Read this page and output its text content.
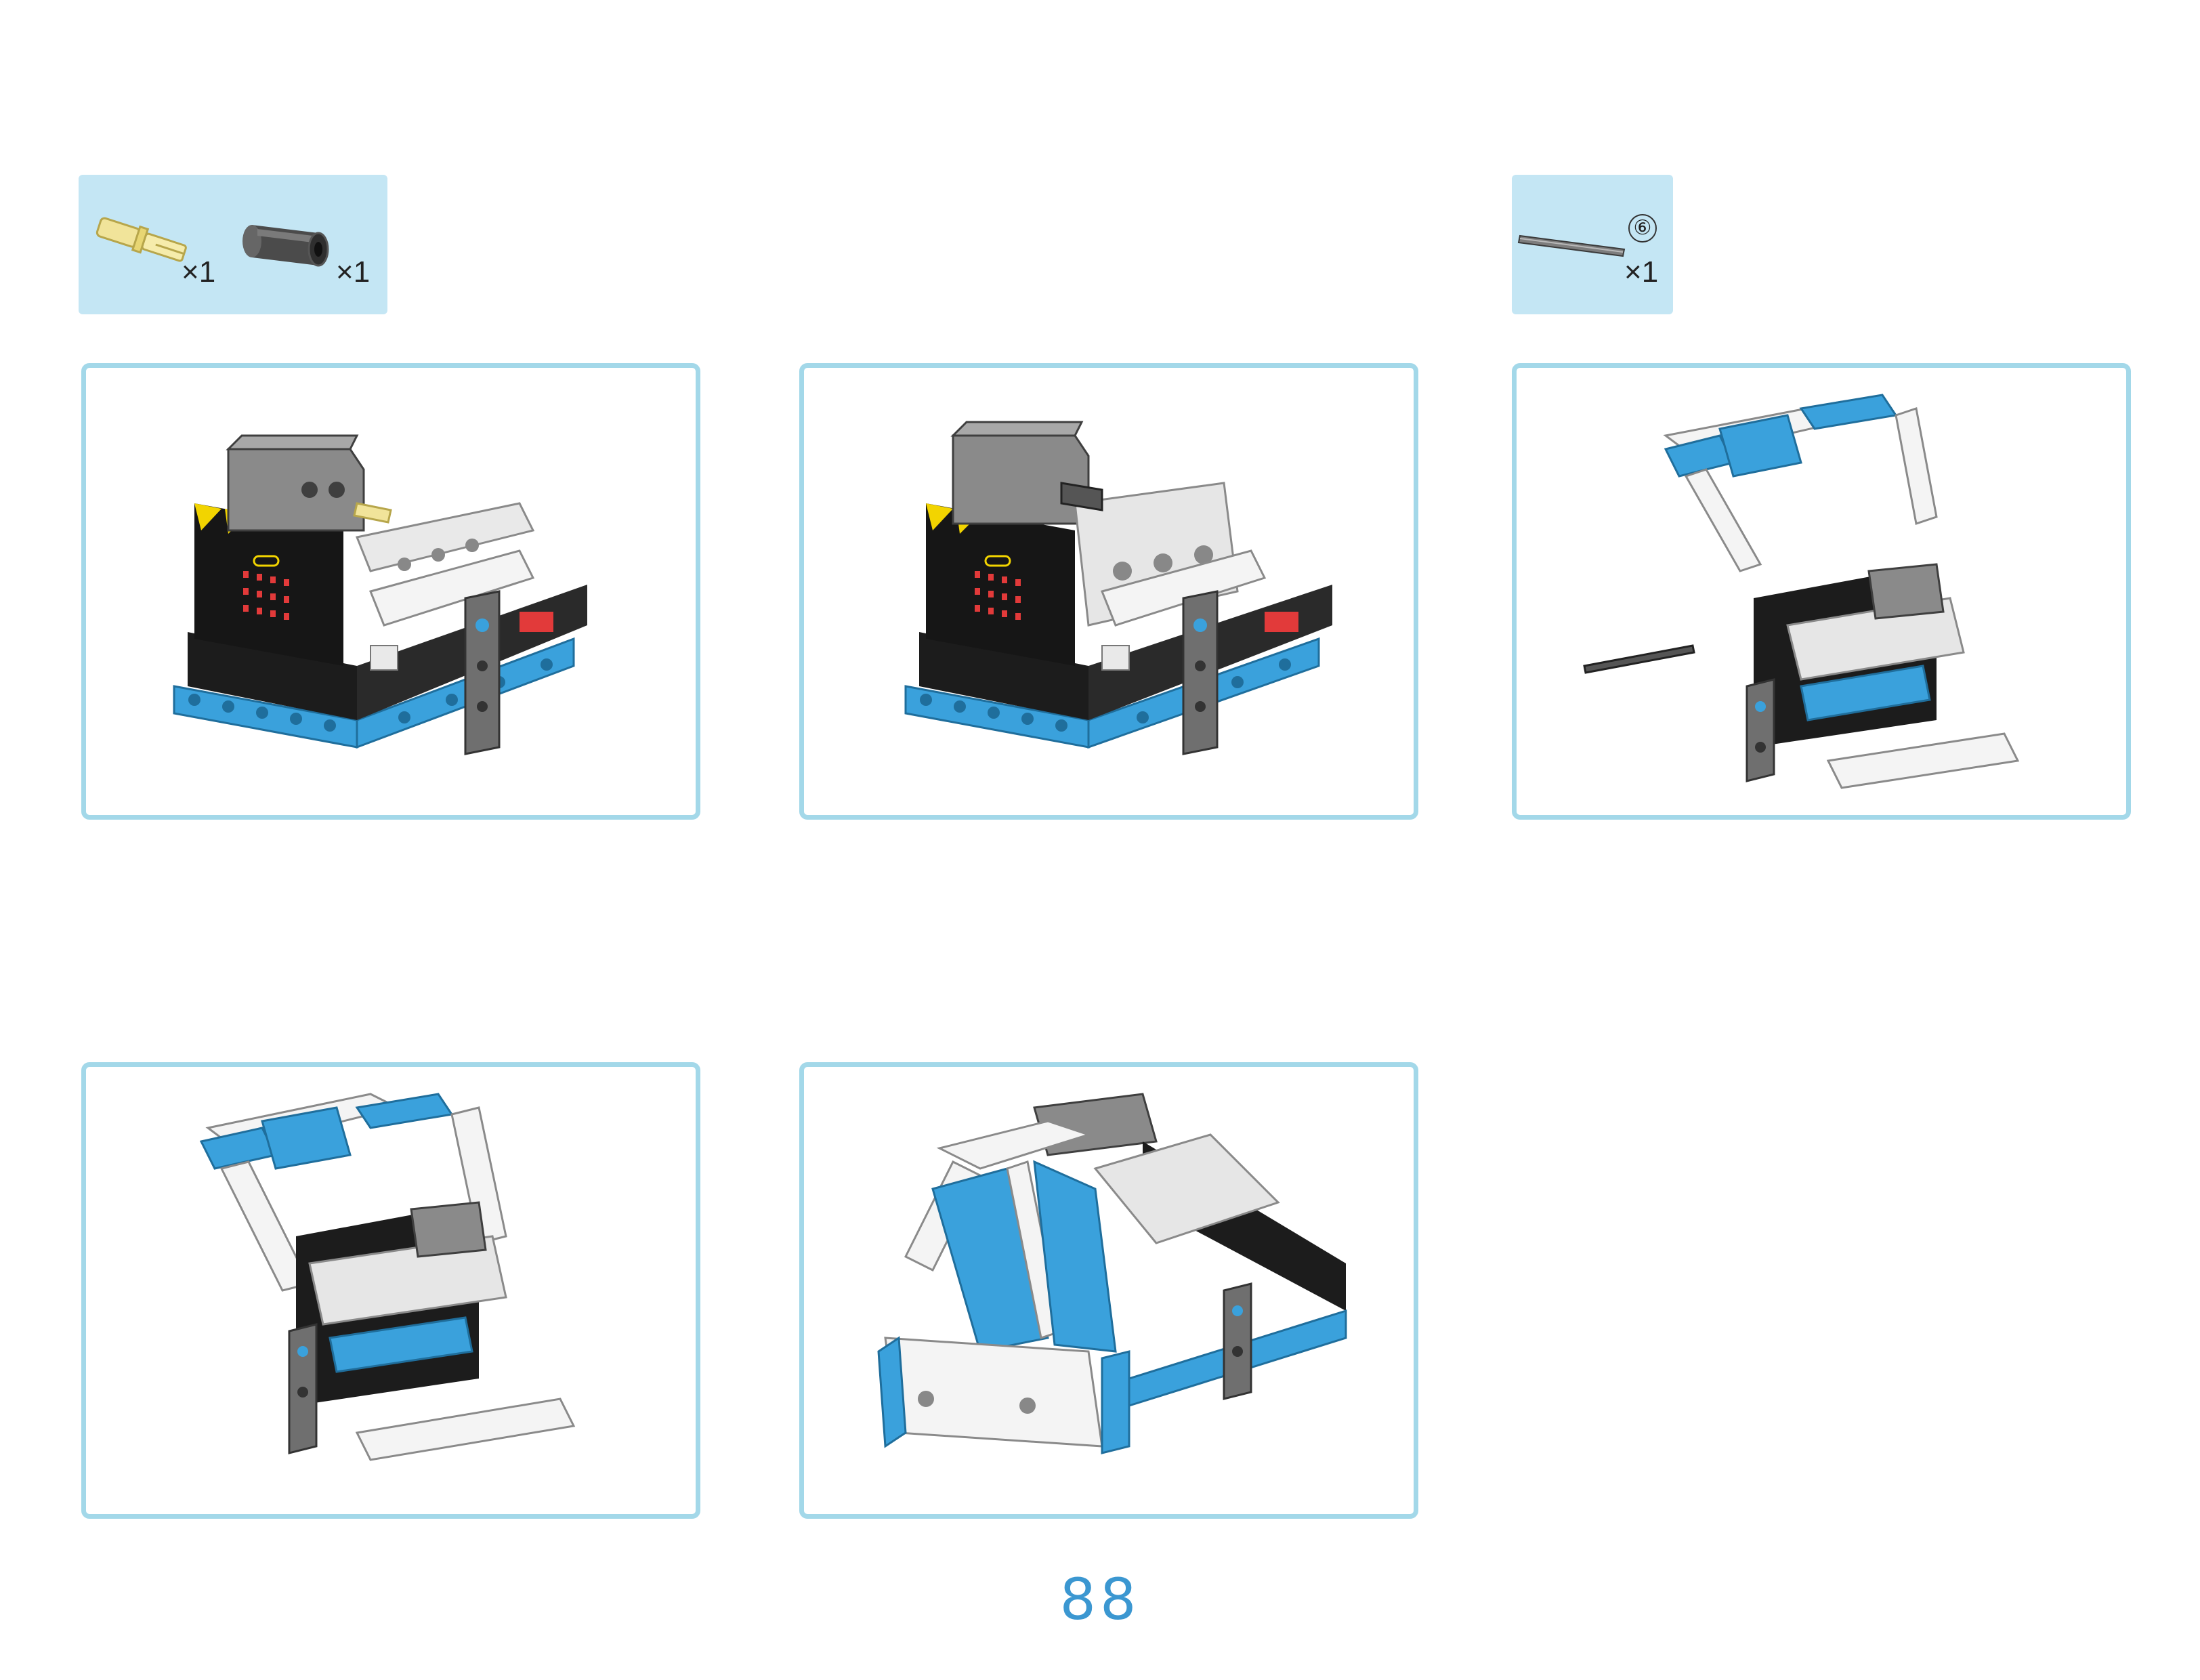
×1	×1
⑥
×1
88
